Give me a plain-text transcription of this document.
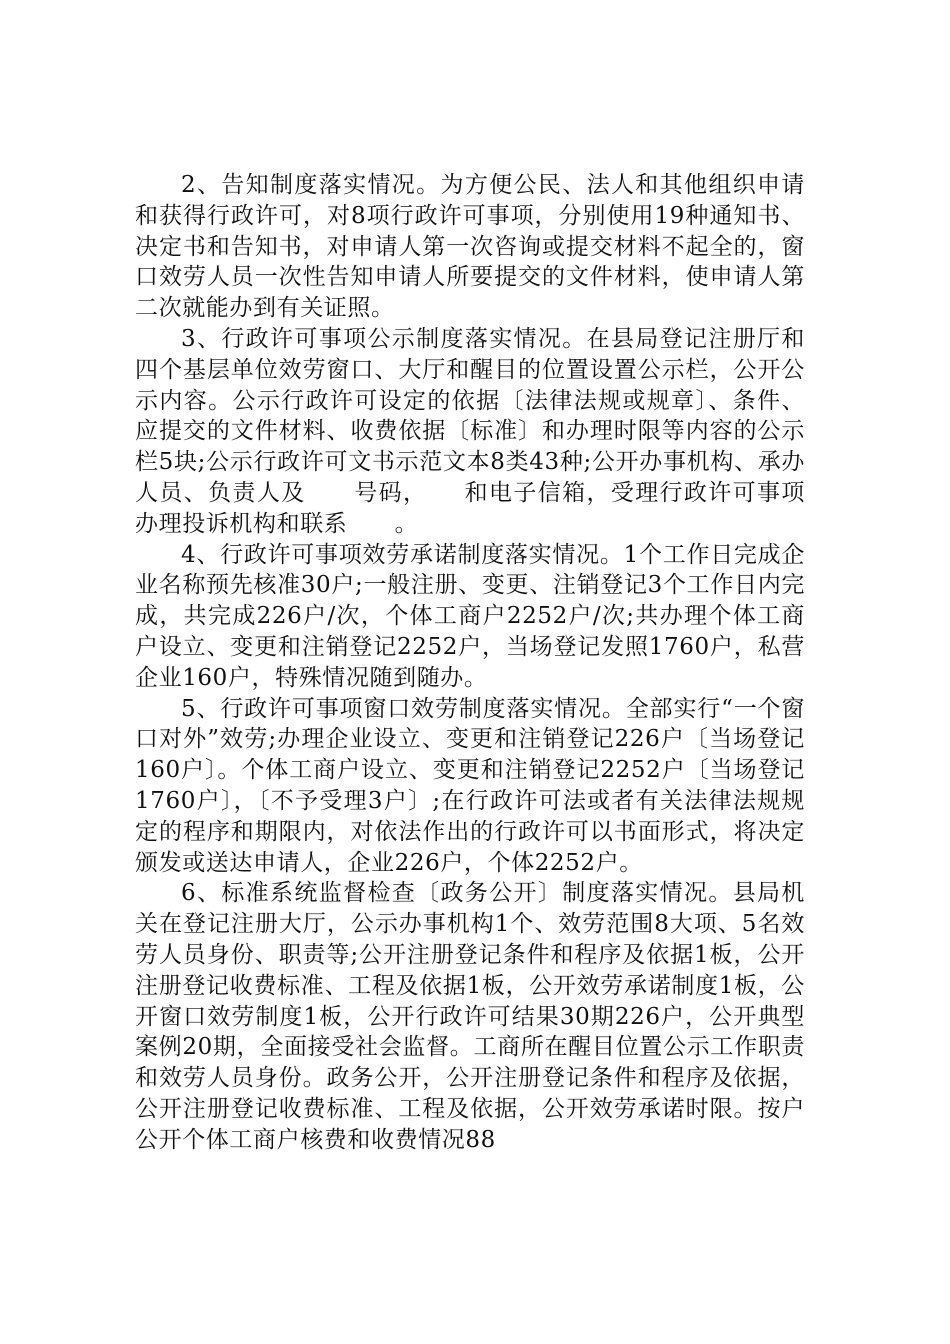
2、告知制度落实情况。为方便公民、法人和其他组织申请和获得行政许可，对8项行政许可事项，分别使用19种通知书、决定书和告知书，对申请人第一次咨询或提交材料不起全的，窗口效劳人员一次性告知申请人所要提交的文件材料，使申请人第二次就能办到有关证照。

3、行政许可事项公示制度落实情况。在县局登记注册厅和四个基层单位效劳窗口、大厅和醒目的位置设置公示栏，公开公示内容。公示行政许可设定的依据〔法律法规或规章〕、条件、应提交的文件材料、收费依据〔标准〕和办理时限等内容的公示栏5块;公示行政许可文书示范文本8类43种;公开办事机构、承办人员、负责人及　　号码，　　和电子信箱，受理行政许可事项办理投诉机构和联系　　。

4、行政许可事项效劳承诺制度落实情况。1个工作日完成企业名称预先核准30户;一般注册、变更、注销登记3个工作日内完成，共完成226户/次，个体工商户2252户/次;共办理个体工商户设立、变更和注销登记2252户，当场登记发照1760户，私营企业160户，特殊情况随到随办。

5、行政许可事项窗口效劳制度落实情况。全部实行“一个窗口对外”效劳;办理企业设立、变更和注销登记226户〔当场登记160户〕。个体工商户设立、变更和注销登记2252户〔当场登记1760户〕，〔不予受理3户〕;在行政许可法或者有关法律法规规定的程序和期限内，对依法作出的行政许可以书面形式，将决定颁发或送达申请人，企业226户，个体2252户。

6、标准系统监督检查〔政务公开〕制度落实情况。县局机关在登记注册大厅，公示办事机构1个、效劳范围8大项、5名效劳人员身份、职责等;公开注册登记条件和程序及依据1板，公开注册登记收费标准、工程及依据1板，公开效劳承诺制度1板，公开窗口效劳制度1板，公开行政许可结果30期226户，公开典型案例20期，全面接受社会监督。工商所在醒目位置公示工作职责和效劳人员身份。政务公开，公开注册登记条件和程序及依据，公开注册登记收费标准、工程及依据，公开效劳承诺时限。按户公开个体工商户核费和收费情况88
